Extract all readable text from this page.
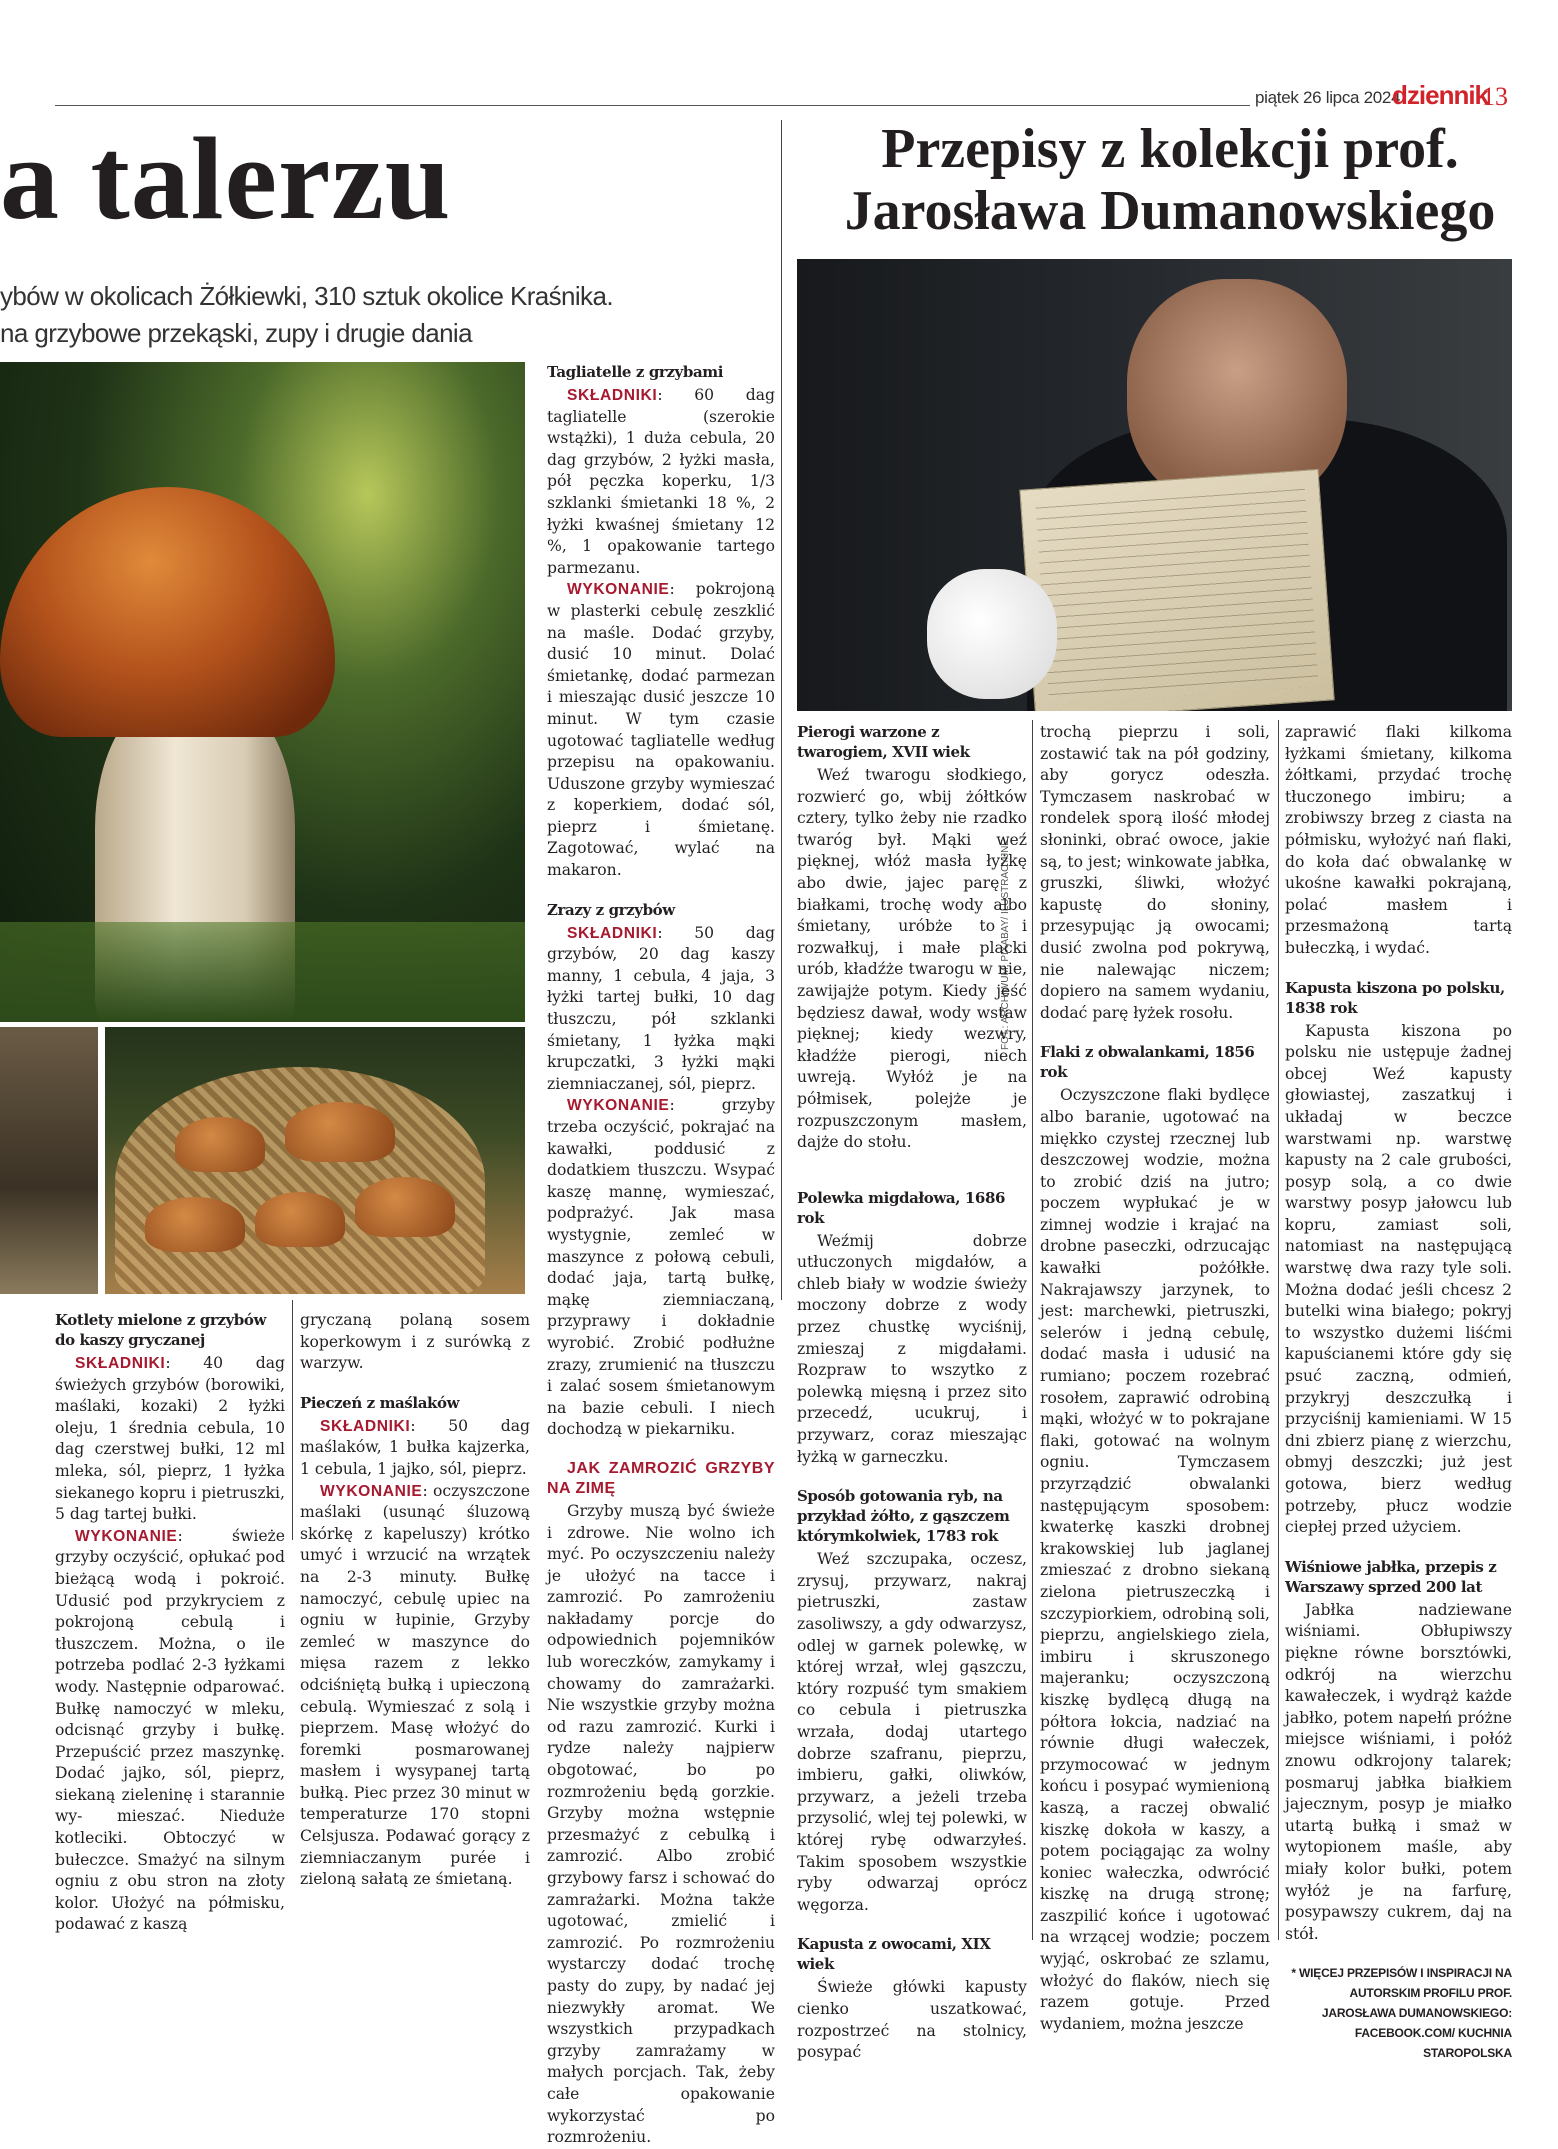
piątek 26 lipca 2024
dziennik
13
a talerzu
ybów w okolicach Żółkiewki, 310 sztuk okolice Kraśnika.
na grzybowe przekąski, zupy i drugie dania
Przepisy z kolekcji prof.
Jarosława Dumanowskiego
FOT.: ARCHIWUM, PIXABAY/ ILUSTRACYJNE
Tagliatelle z grzybami

SKŁADNIKI: 60 dag tagliatelle (szerokie wstążki), 1 duża cebula, 20 dag grzybów, 2 łyżki masła, pół pęczka koperku, 1/3 szklanki śmietanki 18 %, 2 łyżki kwaśnej śmietany 12 %, 1 opakowanie tartego parmezanu.

WYKONANIE: pokrojoną w plasterki cebulę zeszklić na maśle. Dodać grzyby, dusić 10 minut. Dolać śmietankę, dodać parmezan i mieszając dusić jeszcze 10 minut. W tym czasie ugotować tagliatelle według przepisu na opakowaniu. Uduszone grzyby wymieszać z koperkiem, dodać sól, pieprz i śmietanę. Zagotować, wylać na makaron.

Zrazy z grzybów

SKŁADNIKI: 50 dag grzybów, 20 dag kaszy manny, 1 cebula, 4 jaja, 3 łyżki tartej bułki, 10 dag tłuszczu, pół szklanki śmietany, 1 łyżka mąki krupczatki, 3 łyżki mąki ziemniaczanej, sól, pieprz.

WYKONANIE: grzyby trzeba oczyścić, pokrajać na kawałki, poddusić z dodatkiem tłuszczu. Wsypać kaszę mannę, wymieszać, podprażyć. Jak masa wystygnie, zemleć w maszynce z połową cebuli, dodać jaja, tartą bułkę, mąkę ziemniaczaną, przyprawy i dokładnie wyrobić. Zrobić podłużne zrazy, zrumienić na tłuszczu i zalać sosem śmietanowym na bazie cebuli. I niech dochodzą w piekarniku.

JAK ZAMROZIĆ GRZYBY NA ZIMĘ

Grzyby muszą być świeże i zdrowe. Nie wolno ich myć. Po oczyszczeniu należy je ułożyć na tacce i zamrozić. Po zamrożeniu nakładamy porcje do odpowiednich pojemników lub woreczków, zamykamy i chowamy do zamrażarki. Nie wszystkie grzyby można od razu zamrozić. Kurki i rydze należy najpierw obgotować, bo po rozmrożeniu będą gorzkie. Grzyby można wstępnie przesmażyć z cebulką i zamrozić. Albo zrobić grzybowy farsz i schować do zamrażarki. Można także ugotować, zmielić i zamrozić. Po rozmrożeniu wystarczy dodać trochę pasty do zupy, by nadać jej niezwykły aromat. We wszystkich przypadkach grzyby zamrażamy w małych porcjach. Tak, żeby całe opakowanie wykorzystać po rozmrożeniu.

Kotlety mielone z grzybów do kaszy gryczanej

SKŁADNIKI: 40 dag świeżych grzybów (borowiki, maślaki, kozaki) 2 łyżki oleju, 1 średnia cebula, 10 dag czerstwej bułki, 12 ml mleka, sól, pieprz, 1 łyżka siekanego kopru i pietruszki, 5 dag tartej bułki.

WYKONANIE: świeże grzyby oczyścić, opłukać pod bieżącą wodą i pokroić. Udusić pod przykryciem z pokrojoną cebulą i tłuszczem. Można, o ile potrzeba podlać 2-3 łyżkami wody. Następnie odparować. Bułkę namoczyć w mleku, odcisnąć grzyby i bułkę. Przepuścić przez maszynkę. Dodać jajko, sól, pieprz, siekaną zieleninę i starannie wy- mieszać. Nieduże kotleciki. Obtoczyć w bułeczce. Smażyć na silnym ogniu z obu stron na złoty kolor. Ułożyć na półmisku, podawać z kaszą

gryczaną polaną sosem koperkowym i z surówką z warzyw.

Pieczeń z maślaków

SKŁADNIKI: 50 dag maślaków, 1 bułka kajzerka, 1 cebula, 1 jajko, sól, pieprz.

WYKONANIE: oczyszczone maślaki (usunąć śluzową skórkę z kapeluszy) krótko umyć i wrzucić na wrzątek na 2-3 minuty. Bułkę namoczyć, cebulę upiec na ogniu w łupinie, Grzyby zemleć w maszynce do mięsa razem z lekko odciśniętą bułką i upieczoną cebulą. Wymieszać z solą i pieprzem. Masę włożyć do foremki posmarowanej masłem i wysypanej tartą bułką. Piec przez 30 minut w temperaturze 170 stopni Celsjusza. Podawać gorący z ziemniaczanym purée i zieloną sałatą ze śmietaną.

Pierogi warzone z twarogiem, XVII wiek

Weź twarogu słodkiego, rozwierć go, wbij żółtków cztery, tylko żeby nie rzadko twaróg był. Mąki weź pięknej, włóż masła łyżkę abo dwie, jajec parę z białkami, trochę wody albo śmietany, uróbże to i rozwałkuj, i małe placki urób, kładźże twarogu w nie, zawijajże potym. Kiedy jeść będziesz dawał, wody wstaw pięknej; kiedy wezwry, kładźże pierogi, niech uwreją. Wyłóż je na półmisek, polejże je rozpuszczonym masłem, dajże do stołu.

Polewka migdałowa, 1686 rok

Weźmij dobrze utłuczonych migdałów, a chleb biały w wodzie świeży moczony dobrze z wody przez chustkę wyciśnij, zmieszaj z migdałami. Rozpraw to wszytko z polewką mięsną i przez sito przecedź, ucukruj, i przywarz, coraz mieszając łyżką w garneczku.

Sposób gotowania ryb, na przykład żółto, z gąszczem którymkolwiek, 1783 rok

Weź szczupaka, oczesz, zrysuj, przywarz, nakraj pietruszki, zastaw zasoliwszy, a gdy odwarzysz, odlej w garnek polewkę, w której wrzał, wlej gąszczu, który rozpuść tym smakiem co cebula i pietruszka wrzała, dodaj utartego dobrze szafranu, pieprzu, imbieru, gałki, oliwków, przywarz, a jeżeli trzeba przysolić, wlej tej polewki, w której rybę odwarzyłeś. Takim sposobem wszystkie ryby odwarzaj oprócz węgorza.

Kapusta z owocami, XIX wiek

Świeże główki kapusty cienko uszatkować, rozpostrzeć na stolnicy, posypać

trochą pieprzu i soli, zostawić tak na pół godziny, aby gorycz odeszła. Tymczasem naskrobać w rondelek sporą ilość młodej słoninki, obrać owoce, jakie są, to jest; winkowate jabłka, gruszki, śliwki, włożyć kapustę do słoniny, przesypując ją owocami; dusić zwolna pod pokrywą, nie nalewając niczem; dopiero na samem wydaniu, dodać parę łyżek rosołu.

Flaki z obwalankami, 1856 rok

Oczyszczone flaki bydlęce albo baranie, ugotować na miękko czystej rzecznej lub deszczowej wodzie, można to zrobić dziś na jutro; poczem wypłukać je w zimnej wodzie i krajać na drobne paseczki, odrzucając kawałki pożółkłe. Nakrajawszy jarzynek, to jest: marchewki, pietruszki, selerów i jedną cebulę, dodać masła i udusić na rumiano; poczem rozebrać rosołem, zaprawić odrobiną mąki, włożyć w to pokrajane flaki, gotować na wolnym ogniu. Tymczasem przyrządzić obwalanki następującym sposobem: kwaterkę kaszki drobnej krakowskiej lub jaglanej zmieszać z drobno siekaną zielona pietruszeczką i szczypiorkiem, odrobiną soli, pieprzu, angielskiego ziela, imbiru i skruszonego majeranku; oczyszczoną kiszkę bydlęcą długą na półtora łokcia, nadziać na równie długi wałeczek, przymocować w jednym końcu i posypać wymienioną kaszą, a raczej obwalić kiszkę dokoła w kaszy, a potem pociągając za wolny koniec wałeczka, odwrócić kiszkę na drugą stronę; zaszpilić końce i ugotować na wrzącej wodzie; poczem wyjąć, oskrobać ze szlamu, włożyć do flaków, niech się razem gotuje. Przed wydaniem, można jeszcze

zaprawić flaki kilkoma łyżkami śmietany, kilkoma żółtkami, przydać trochę tłuczonego imbiru; a zrobiwszy brzeg z ciasta na półmisku, wyłożyć nań flaki, do koła dać obwalankę w ukośne kawałki pokrajaną, polać masłem i przesmażoną tartą bułeczką, i wydać.

Kapusta kiszona po polsku, 1838 rok

Kapusta kiszona po polsku nie ustępuje żadnej obcej Weź kapusty głowiastej, zaszatkuj i układaj w beczce warstwami np. warstwę kapusty na 2 cale grubości, posyp solą, a co dwie warstwy posyp jałowcu lub kopru, zamiast soli, natomiast na następującą warstwę dwa razy tyle soli. Można dodać jeśli chcesz 2 butelki wina białego; pokryj to wszystko dużemi liśćmi kapuścianemi które gdy się psuć zaczną, odmień, przykryj deszczułką i przyciśnij kamieniami. W 15 dni zbierz pianę z wierzchu, obmyj deszczki; już jest gotowa, bierz według potrzeby, płucz wodzie ciepłej przed użyciem.

Wiśniowe jabłka, przepis z Warszawy sprzed 200 lat

Jabłka nadziewane wiśniami. Obłupiwszy piękne równe borsztówki, odkrój na wierzchu kawałeczek, i wydrąż każde jabłko, potem napełń próżne miejsce wiśniami, i połóż znowu odkrojony talarek; posmaruj jabłka białkiem jajecznym, posyp je miałko utartą bułką i smaż w wytopionem maśle, aby miały kolor bułki, potem wyłóż je na farfurę, posypawszy cukrem, daj na stół.

* WIĘCEJ PRZEPISÓW I INSPIRACJI NA AUTORSKIM PROFILU PROF. JAROSŁAWA DUMANOWSKIEGO: FACEBOOK.COM/ KUCHNIA STAROPOLSKA
